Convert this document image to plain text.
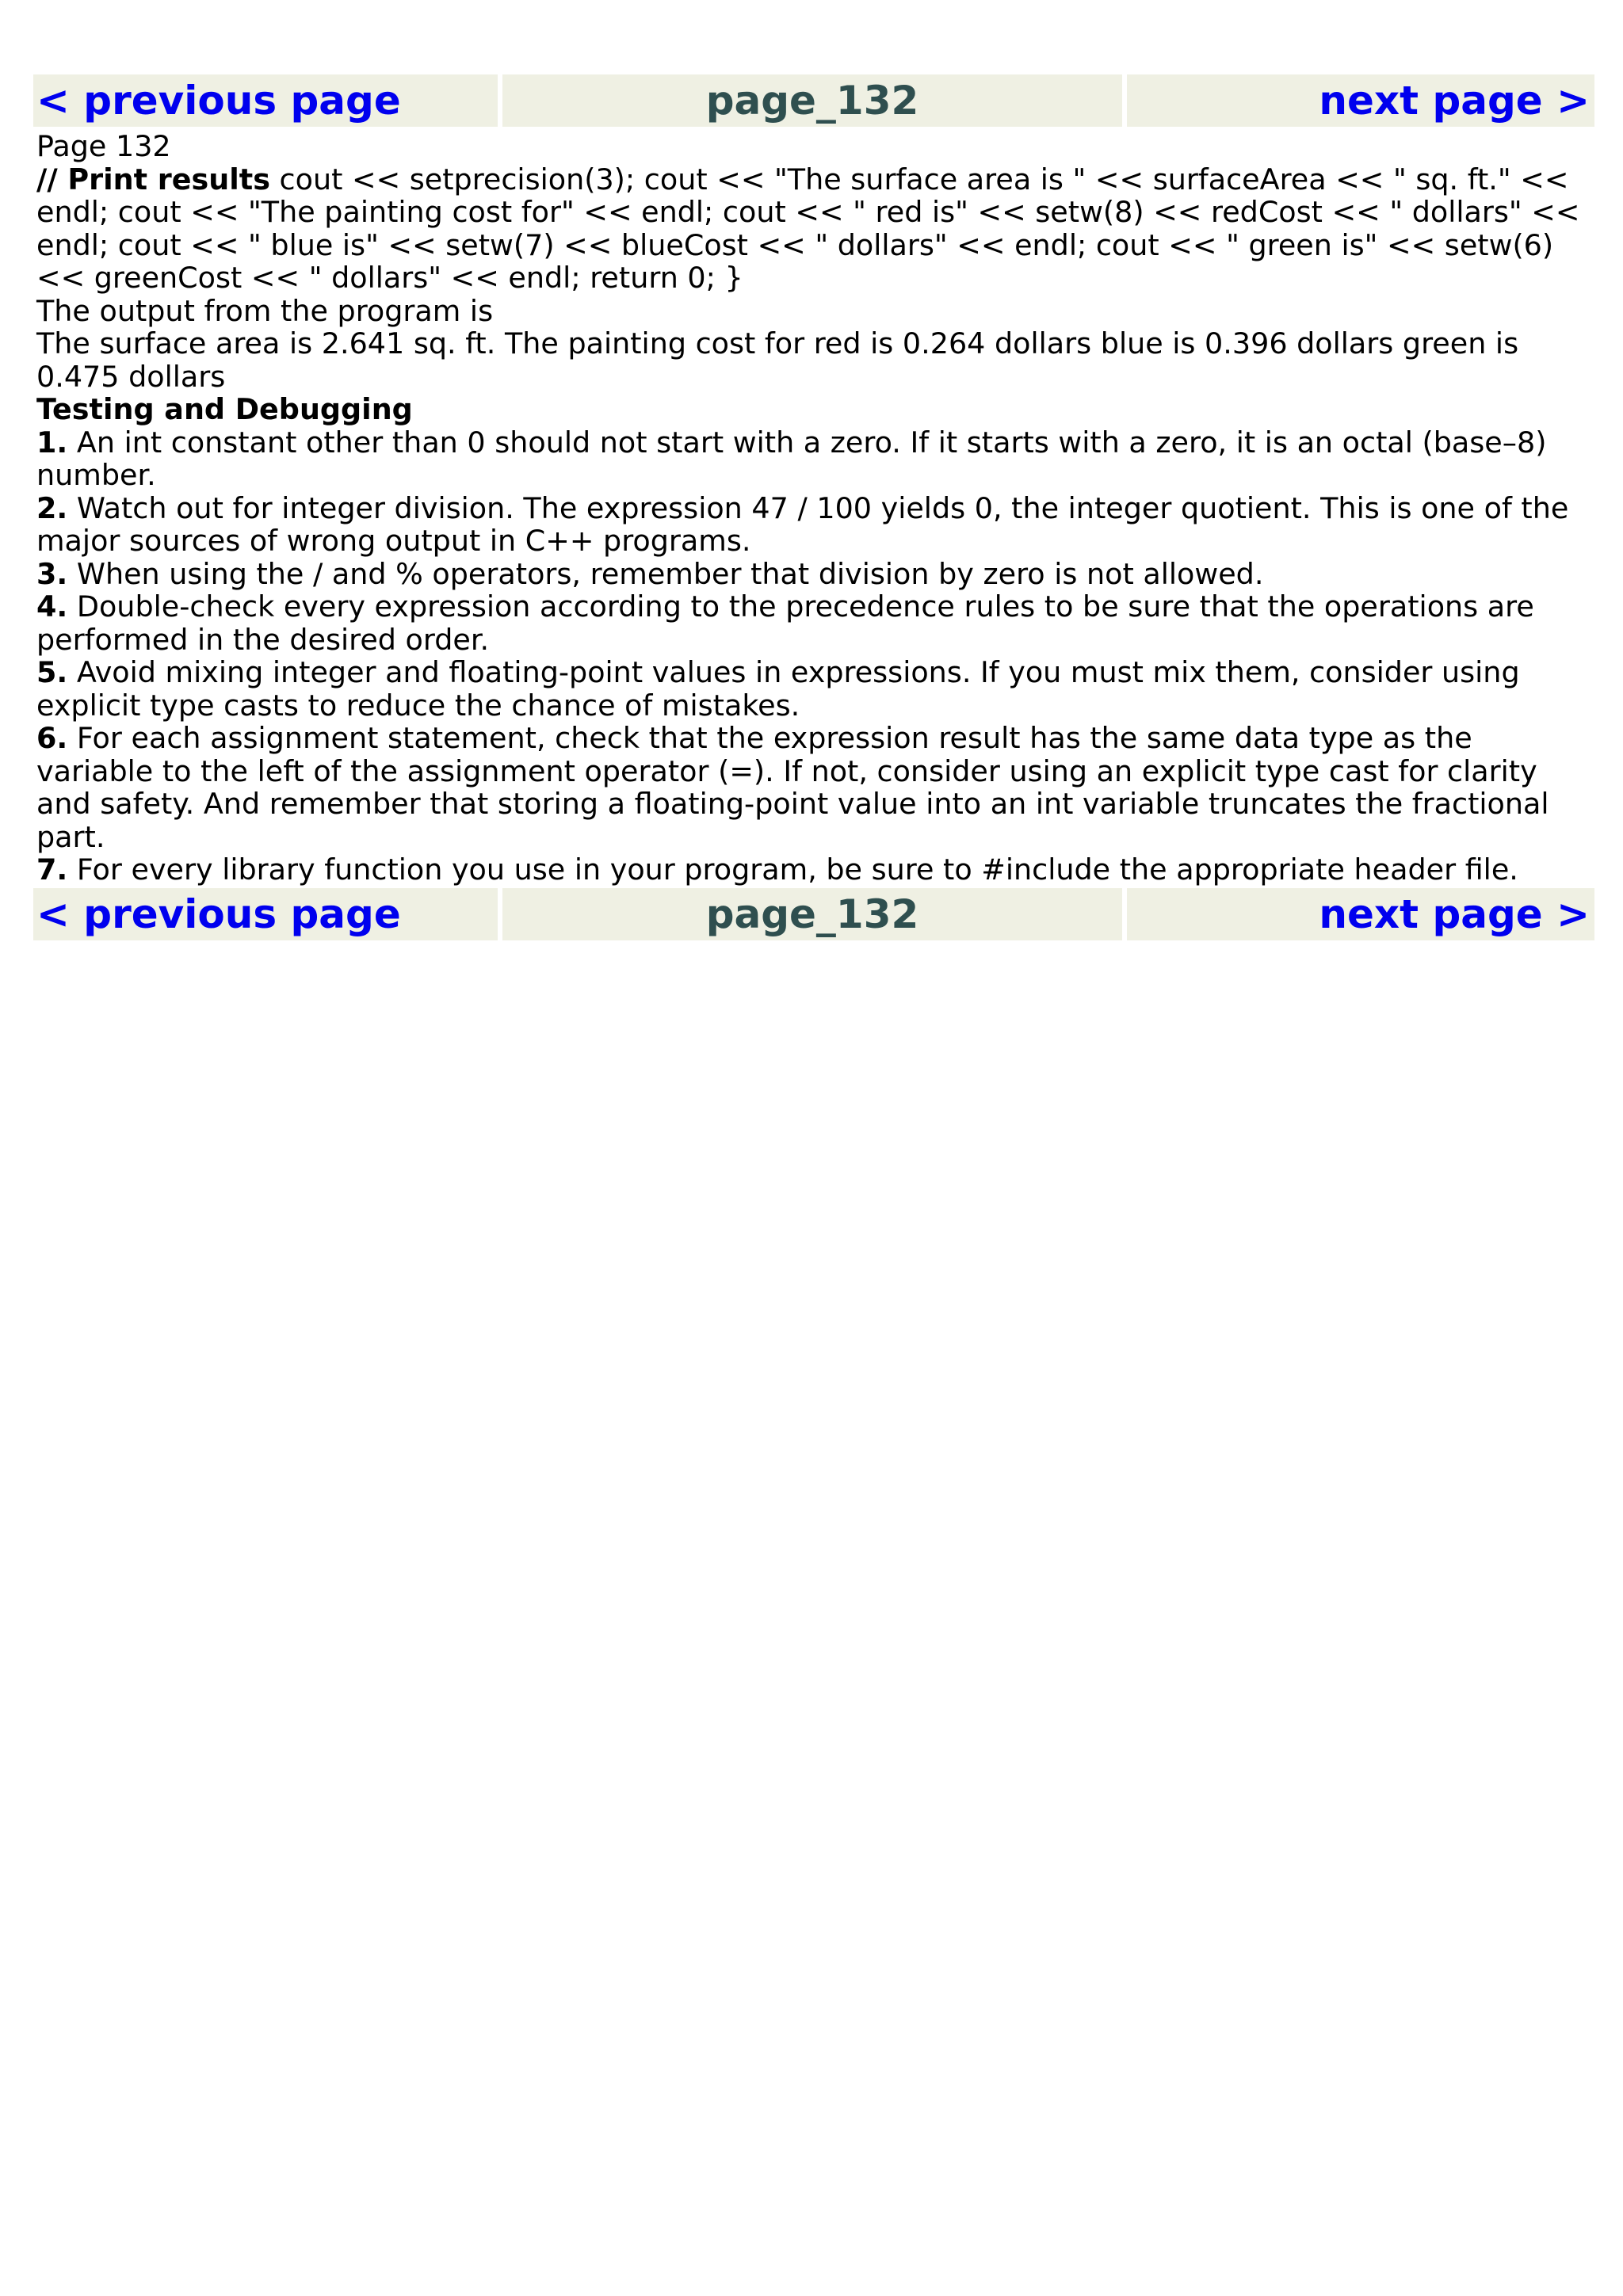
< previous page	page_132	next page >

Page 132

// Print results cout << setprecision(3); cout << "The surface area is " << surfaceArea << " sq. ft." << endl; cout << "The painting cost for" << endl; cout << " red is" << setw(8) << redCost << " dollars" << endl; cout << " blue is" << setw(7) << blueCost << " dollars" << endl; cout << " green is" << setw(6) << greenCost << " dollars" << endl; return 0; }

The output from the program is

The surface area is 2.641 sq. ft. The painting cost for red is 0.264 dollars blue is 0.396 dollars green is 0.475 dollars

Testing and Debugging

1. An int constant other than 0 should not start with a zero. If it starts with a zero, it is an octal (base–8) number.

2. Watch out for integer division. The expression 47 / 100 yields 0, the integer quotient. This is one of the major sources of wrong output in C++ programs.

3. When using the / and % operators, remember that division by zero is not allowed.

4. Double-check every expression according to the precedence rules to be sure that the operations are performed in the desired order.

5. Avoid mixing integer and floating-point values in expressions. If you must mix them, consider using explicit type casts to reduce the chance of mistakes.

6. For each assignment statement, check that the expression result has the same data type as the variable to the left of the assignment operator (=). If not, consider using an explicit type cast for clarity and safety. And remember that storing a floating-point value into an int variable truncates the fractional part.

7. For every library function you use in your program, be sure to #include the appropriate header file.

< previous page	page_132	next page >
